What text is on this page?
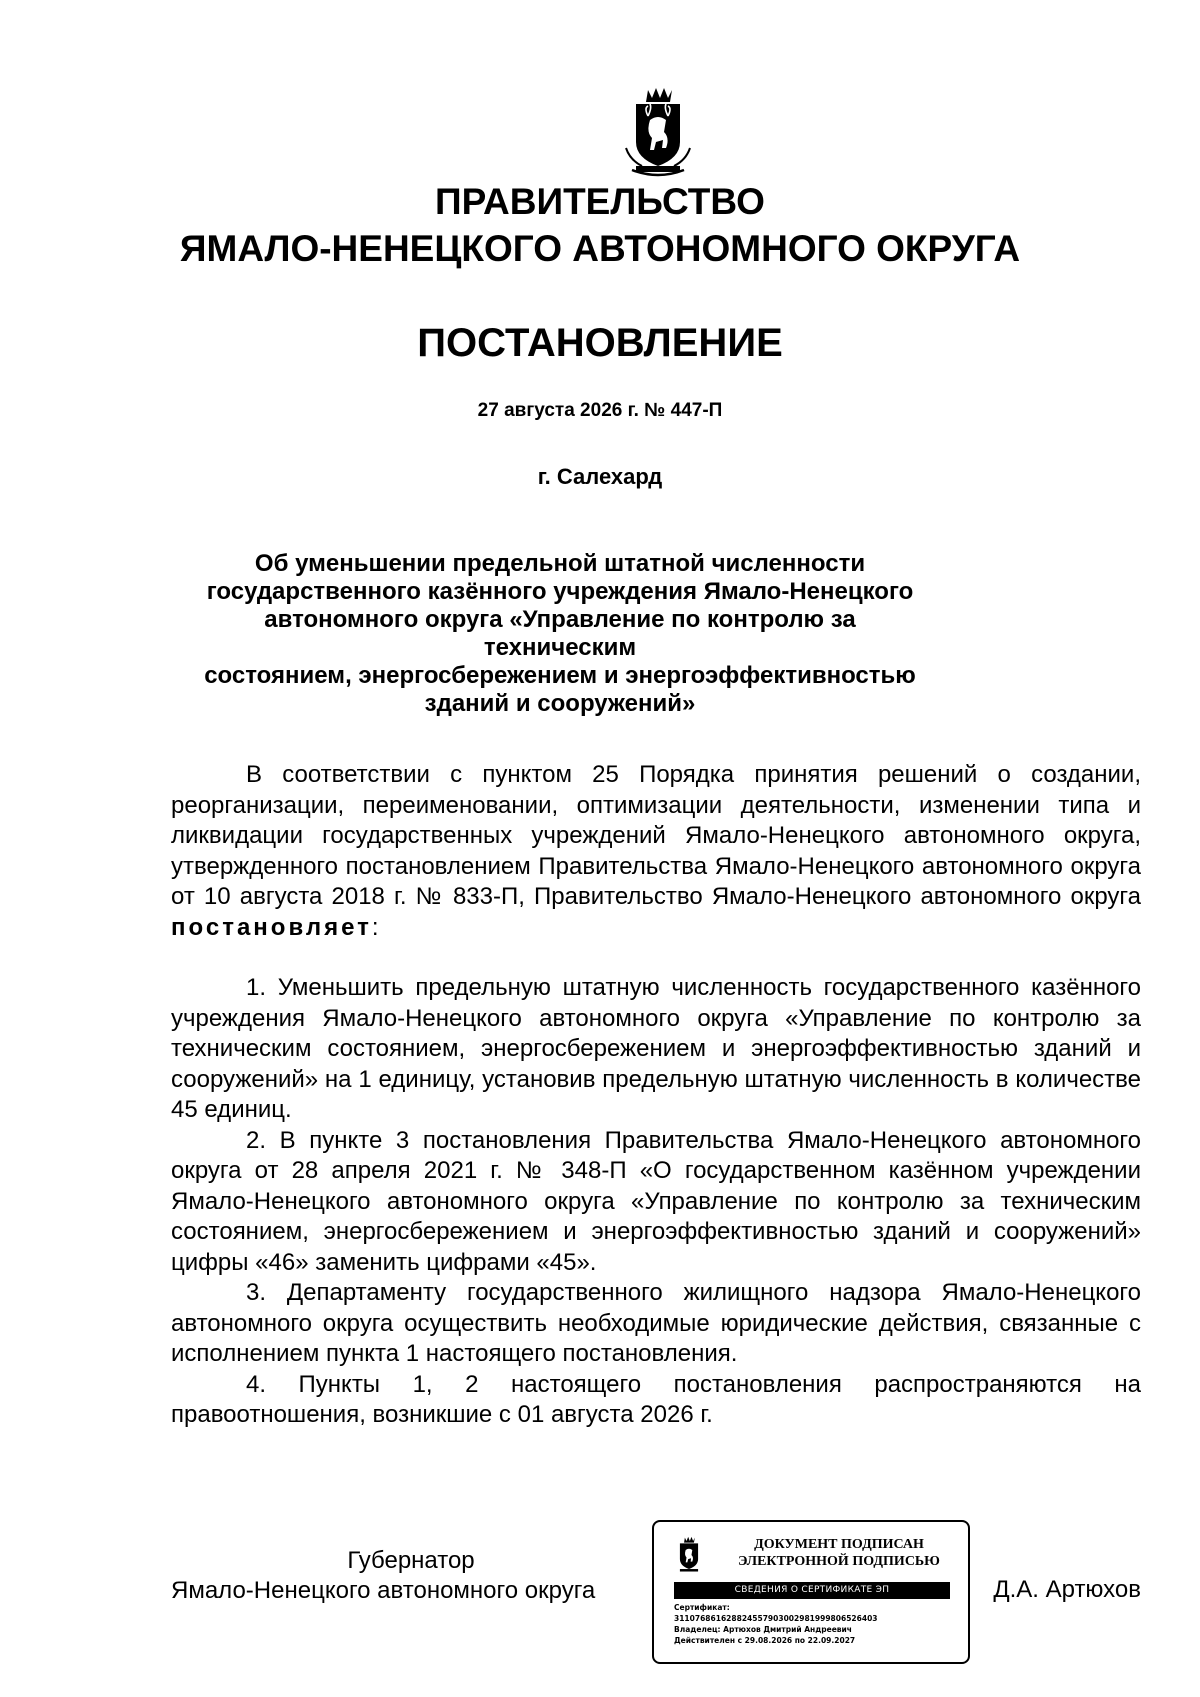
ПРАВИТЕЛЬСТВО
ЯМАЛО-НЕНЕЦКОГО АВТОНОМНОГО ОКРУГА
ПОСТАНОВЛЕНИЕ
27 августа 2026 г. № 447-П
г. Салехард
Об уменьшении предельной штатной численности
государственного казённого учреждения Ямало-Ненецкого
автономного округа «Управление по контролю за техническим
состоянием, энергосбережением и энергоэффективностью
зданий и сооружений»

В соответствии с пунктом 25 Порядка принятия решений о создании, реорганизации, переименовании, оптимизации деятельности, изменении типа и ликвидации государственных учреждений Ямало-Ненецкого автономного округа, утвержденного постановлением Правительства Ямало-Ненецкого автономного округа от 10 августа 2018 г. № 833-П, Правительство Ямало-Ненецкого автономного округа постановляет:

1. Уменьшить предельную штатную численность государственного казённого учреждения Ямало-Ненецкого автономного округа «Управление по контролю за техническим состоянием, энергосбережением и энергоэффективностью зданий и сооружений» на 1 единицу, установив предельную штатную численность в количестве 45 единиц.

2. В пункте 3 постановления Правительства Ямало-Ненецкого автономного округа от 28 апреля 2021 г. № 348-П «О государственном казённом учреждении Ямало-Ненецкого автономного округа «Управление по контролю за техническим состоянием, энергосбережением и энергоэффективностью зданий и сооружений» цифры «46» заменить цифрами «45».

3. Департаменту государственного жилищного надзора Ямало-Ненецкого автономного округа осуществить необходимые юридические действия, связанные с исполнением пункта 1 настоящего постановления.

4. Пункты 1, 2 настоящего постановления распространяются на правоотношения, возникшие с 01 августа 2026 г.

Губернатор
Ямало-Ненецкого автономного округа
ДОКУМЕНТ ПОДПИСАН
ЭЛЕКТРОННОЙ ПОДПИСЬЮ
СВЕДЕНИЯ О СЕРТИФИКАТЕ ЭП
Сертификат:
311076861628824557903002981999806526403
Владелец: Артюхов Дмитрий Андреевич
Действителен с 29.08.2026 по 22.09.2027
Д.А. Артюхов
